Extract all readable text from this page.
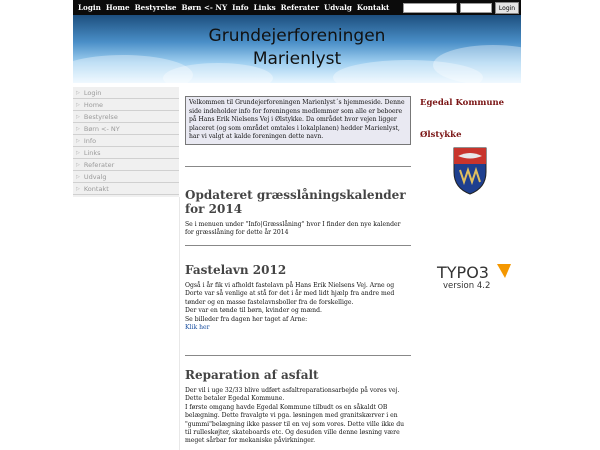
Login Home Bestyrelse Børn <- NY Info Links Referater Udvalg Kontakt	Login
Grundejerforeningen
Marienlyst
▷ Login
▷ Home
▷ Bestyrelse
▷ Børn <- NY
▷ Info
▷ Links
▷ Referater
▷ Udvalg
▷ Kontakt
Velkommen til Grundejerforeningen Marienlyst´s hjemmeside. Denne side indeholder info for foreningens medlemmer som alle er beboere på Hans Erik Nielsens Vej i Ølstykke. Da området hvor vejen ligger placeret (og som området omtales i lokalplanen) hedder Marienlyst, har vi valgt at kalde foreningen dette navn.
Opdateret græsslåningskalender for 2014
Se i menuen under "Info|Græsslåning" hvor I finder den nye kalender for græsslåning for dette år 2014
Fastelavn 2012
Også i år fik vi afholdt fastelavn på Hans Erik Nielsens Vej. Arne og Dorte var så venlige at stå for det i år med lidt hjælp fra andre med tønder og en masse fastelavnsboller fra de forskellige.
Der var en tønde til børn, kvinder og mænd.
Se billeder fra dagen her taget af Arne:
Klik her
Reparation af asfalt
Der vil i uge 32/33 blive udført asfaltreparationsarbejde på vores vej. Dette betaler Egedal Kommune.
I første omgang havde Egedal Kommune tilbudt os en såkaldt OB belægning. Dette fravalgte vi pga. løsningen med granitskærver i en "gummi"belægning ikke passer til en vej som vores. Dette ville ikke du til rulleskøjter, skateboards etc. Og desuden ville denne løsning være meget sårbar for mekaniske påvirkninger.
Egedal Kommune
Ølstykke
TYPO3
version 4.2
